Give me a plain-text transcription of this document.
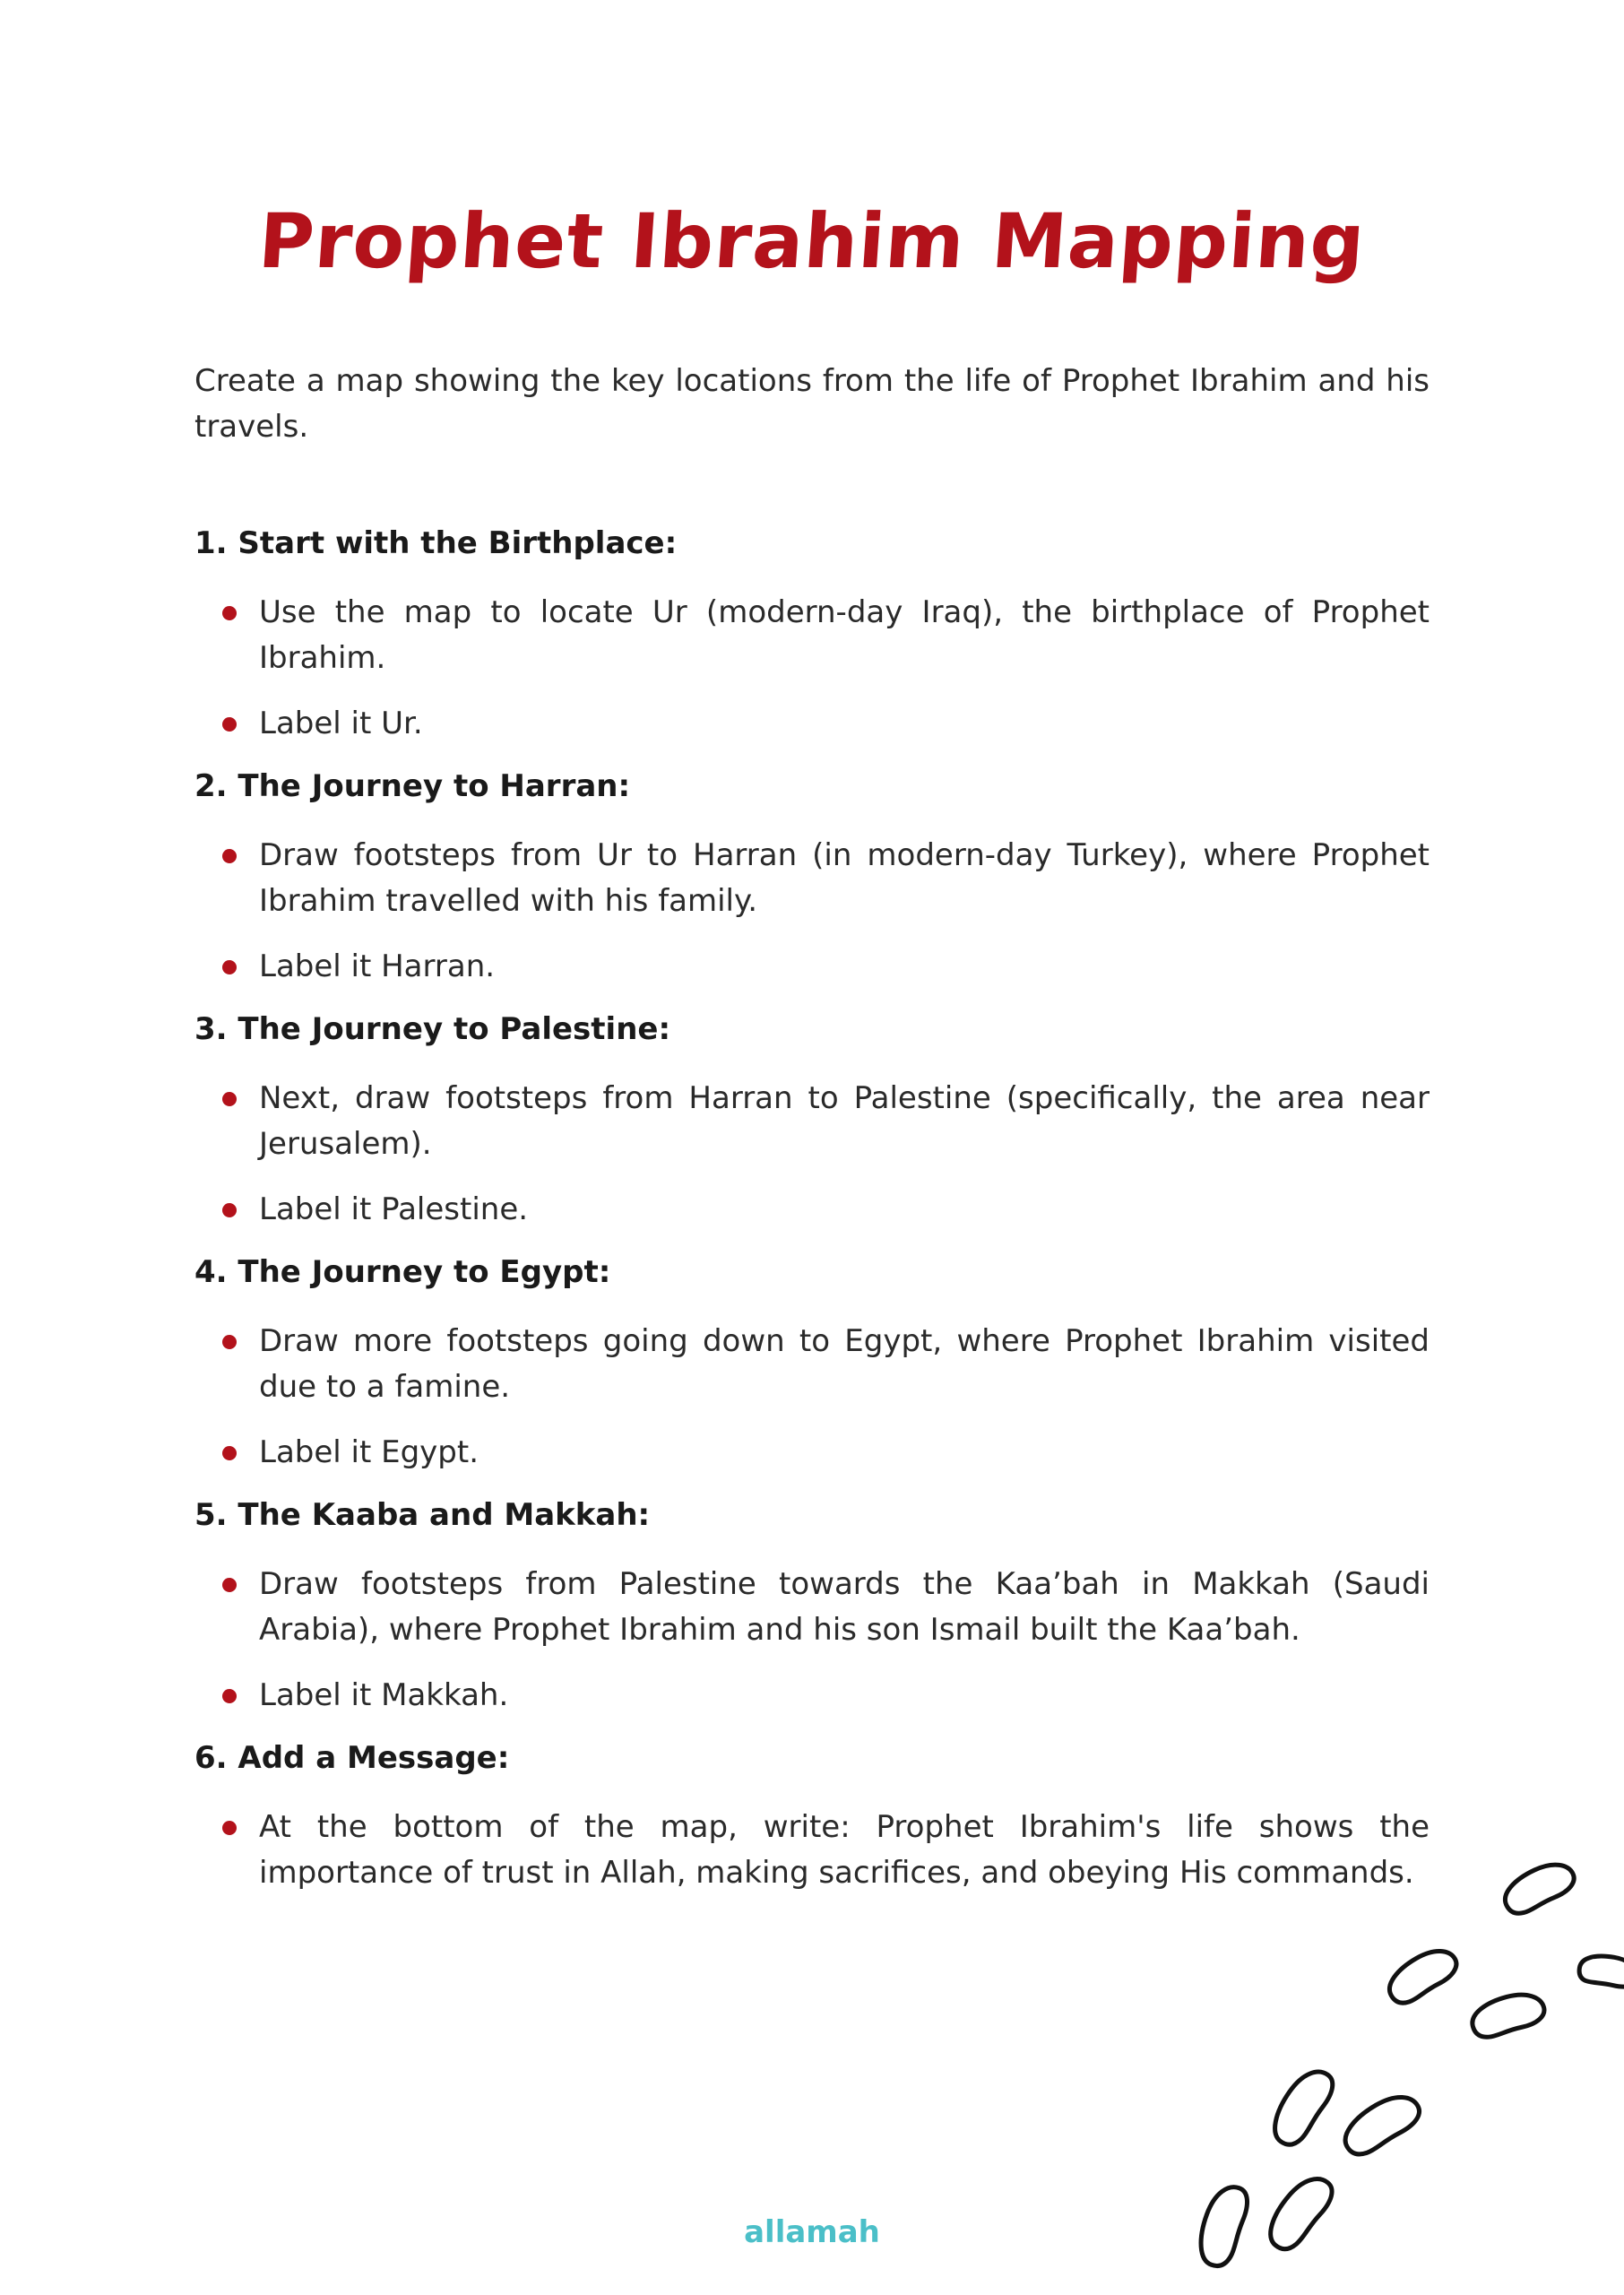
Prophet Ibrahim Mapping

Create a map showing the key locations from the life of Prophet Ibrahim and his travels.

1. Start with the Birthplace:
Use the map to locate Ur (modern-day Iraq), the birthplace of Prophet Ibrahim.
Label it Ur.
2. The Journey to Harran:
Draw footsteps from Ur to Harran (in modern-day Turkey), where Prophet Ibrahim travelled with his family.
Label it Harran.
3. The Journey to Palestine:
Next, draw footsteps from Harran to Palestine (specifically, the area near Jerusalem).
Label it Palestine.
4. The Journey to Egypt:
Draw more footsteps going down to Egypt, where Prophet Ibrahim visited due to a famine.
Label it Egypt.
5. The Kaaba and Makkah:
Draw footsteps from Palestine towards the Kaa’bah in Makkah (Saudi Arabia), where Prophet Ibrahim and his son Ismail built the Kaa’bah.
Label it Makkah.
6. Add a Message:
At the bottom of the map, write: Prophet Ibrahim's life shows the importance of trust in Allah, making sacrifices, and obeying His commands.
allamah
